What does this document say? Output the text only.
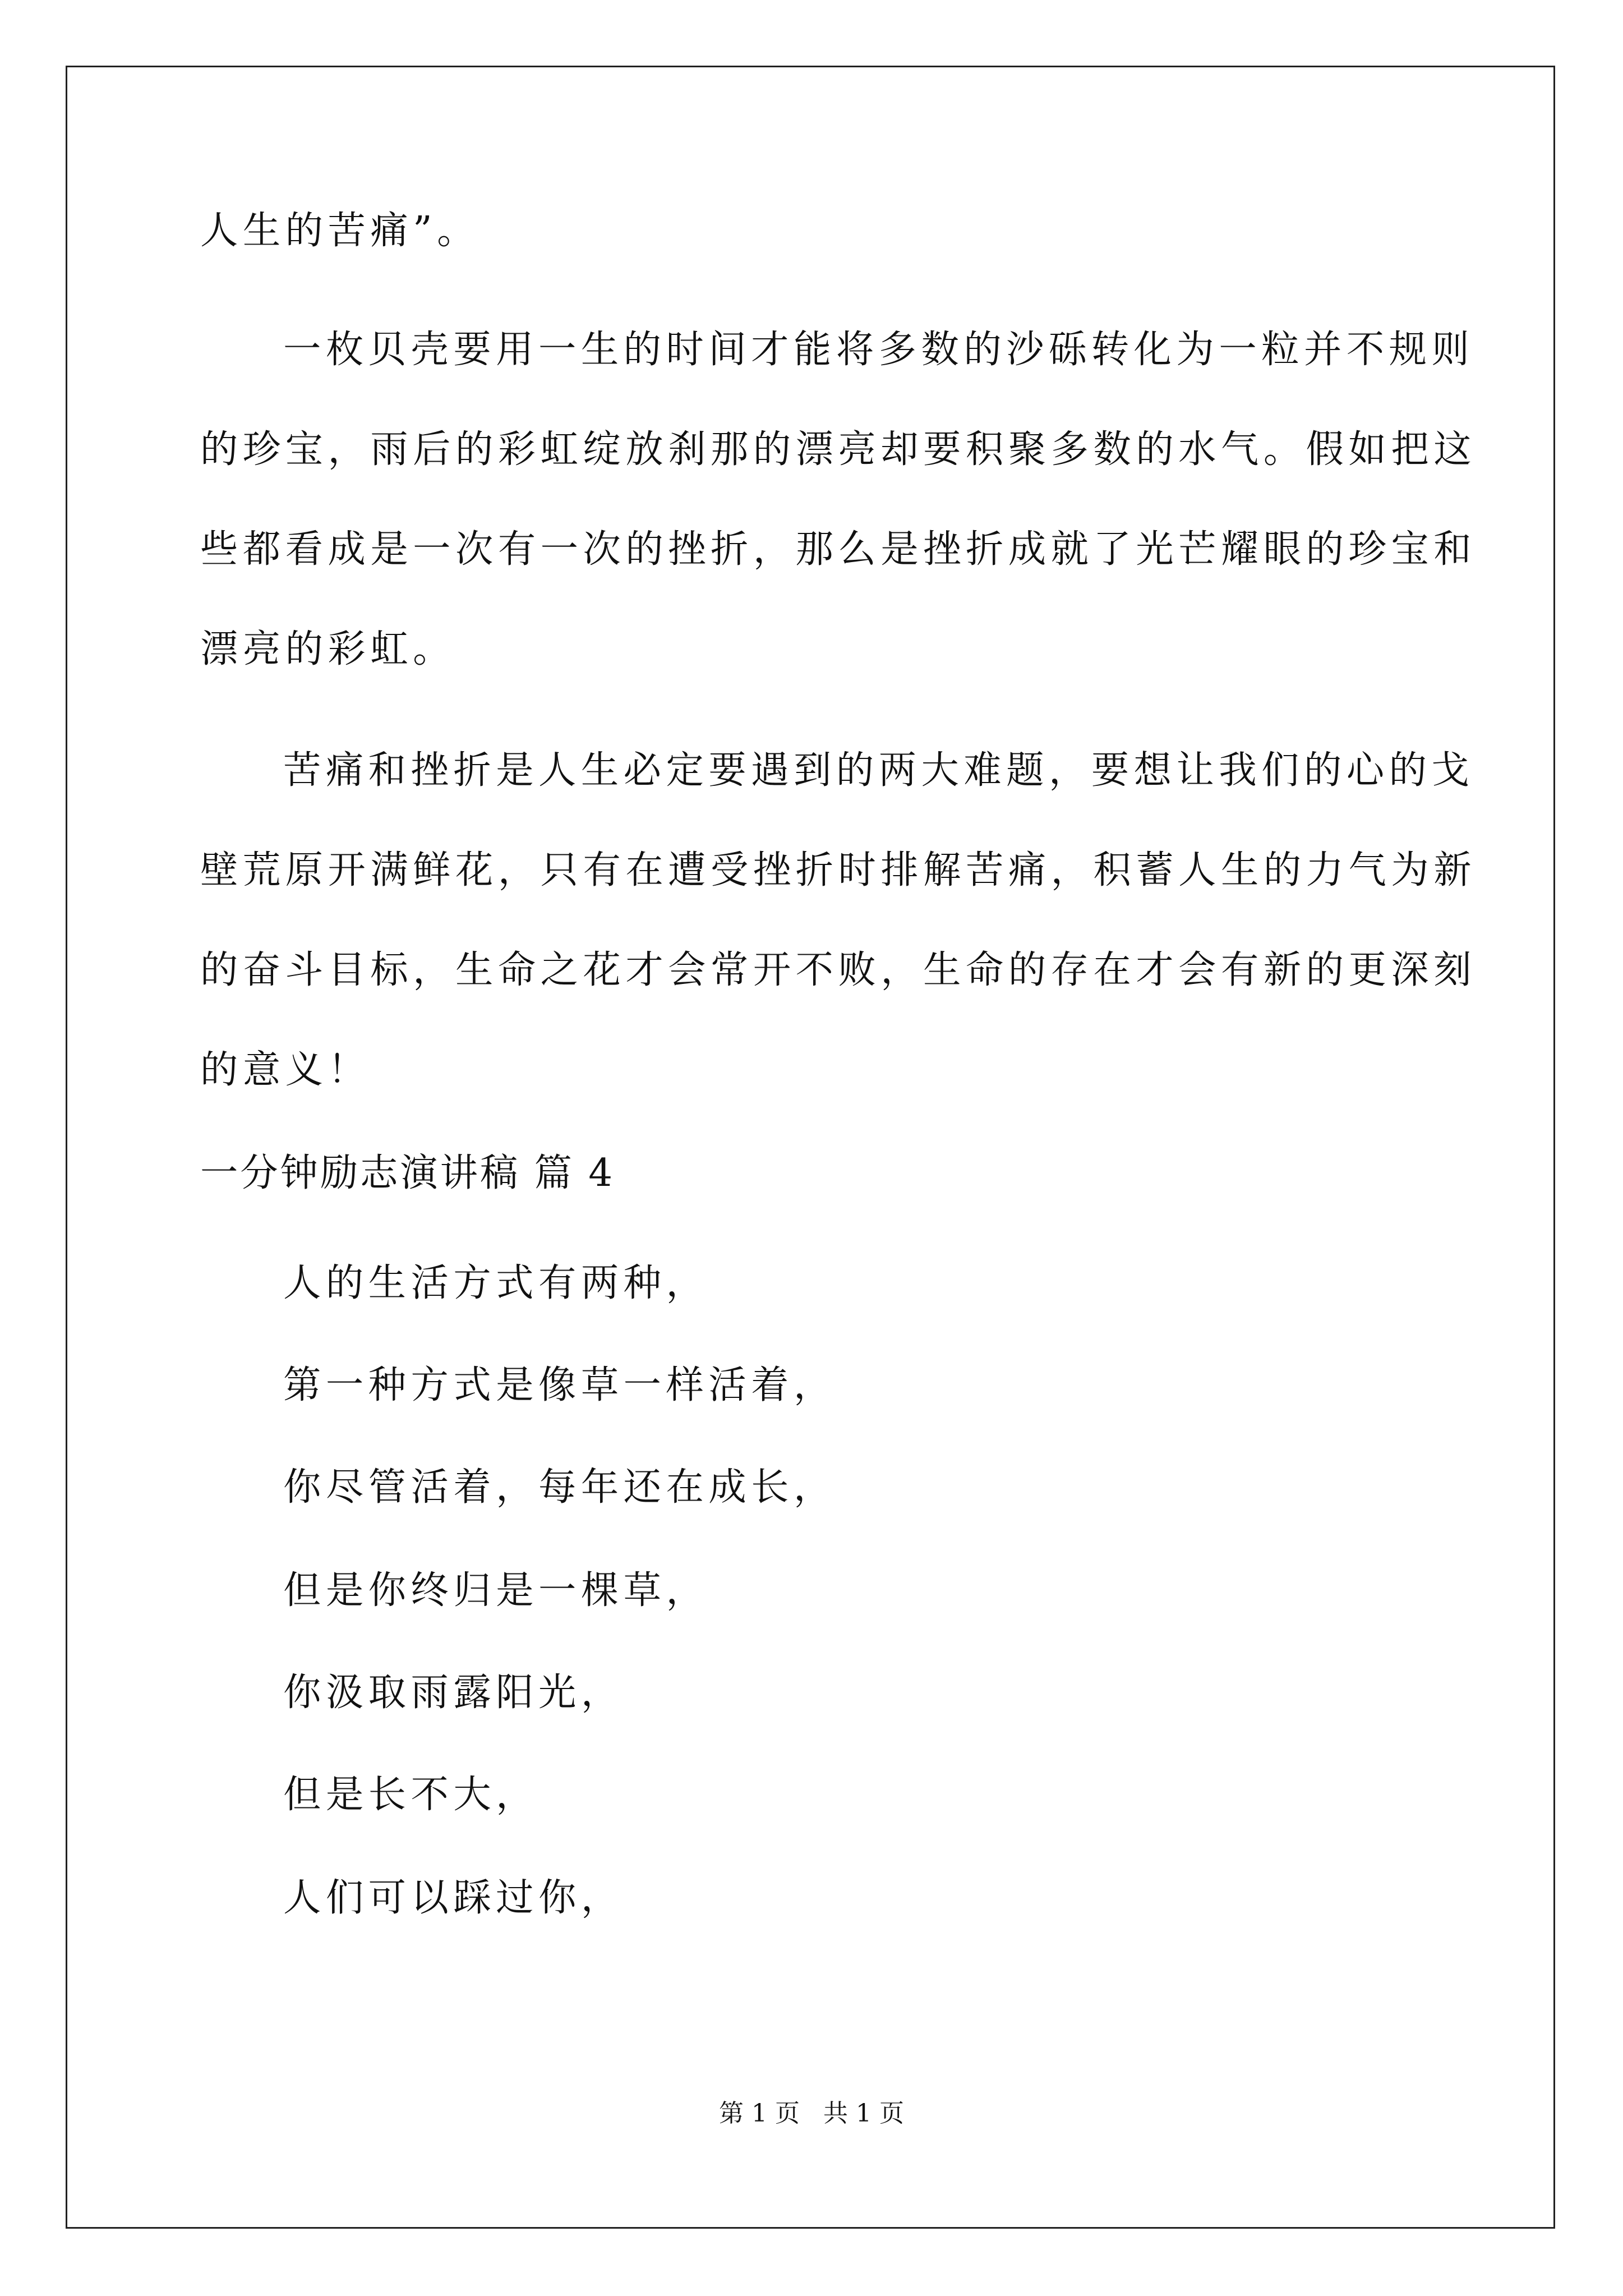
人生的苦痛”。
一枚贝壳要用一生的时间才能将多数的沙砾转化为一粒并不规则
的珍宝，雨后的彩虹绽放刹那的漂亮却要积聚多数的水气。假如把这
些都看成是一次有一次的挫折，那么是挫折成就了光芒耀眼的珍宝和
漂亮的彩虹。
苦痛和挫折是人生必定要遇到的两大难题，要想让我们的心的戈
壁荒原开满鲜花，只有在遭受挫折时排解苦痛，积蓄人生的力气为新
的奋斗目标，生命之花才会常开不败，生命的存在才会有新的更深刻
的意义！
一分钟励志演讲稿 篇 4
人的生活方式有两种，
第一种方式是像草一样活着，
你尽管活着，每年还在成长，
但是你终归是一棵草，
你汲取雨露阳光，
但是长不大，
人们可以踩过你，
第 1 页   共 1 页
